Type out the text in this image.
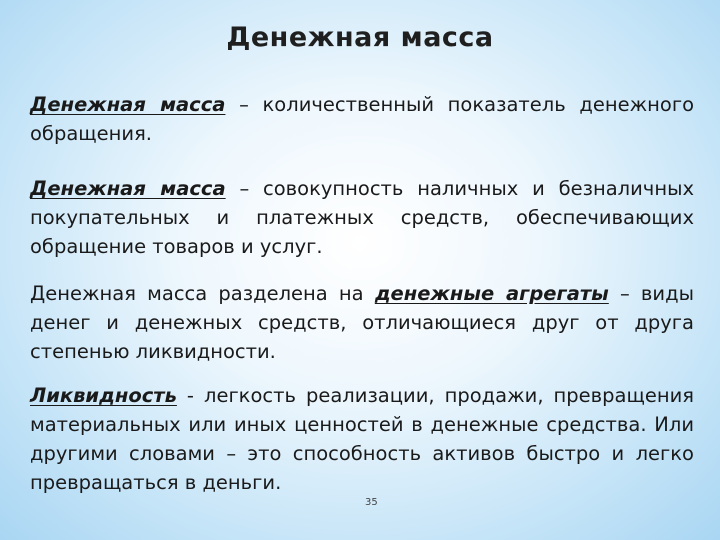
Денежная масса

Денежная масса – количественный показатель денежного обращения.

Денежная масса – совокупность наличных и безналичных покупательных и платежных средств, обеспечивающих обращение товаров и услуг.

Денежная масса разделена на денежные агрегаты – виды денег и денежных средств, отличающиеся друг от друга степенью ликвидности.

Ликвидность - легкость реализации, продажи, превращения материальных или иных ценностей в денежные средства. Или другими словами – это способность активов быстро и легко превращаться в деньги.

35
